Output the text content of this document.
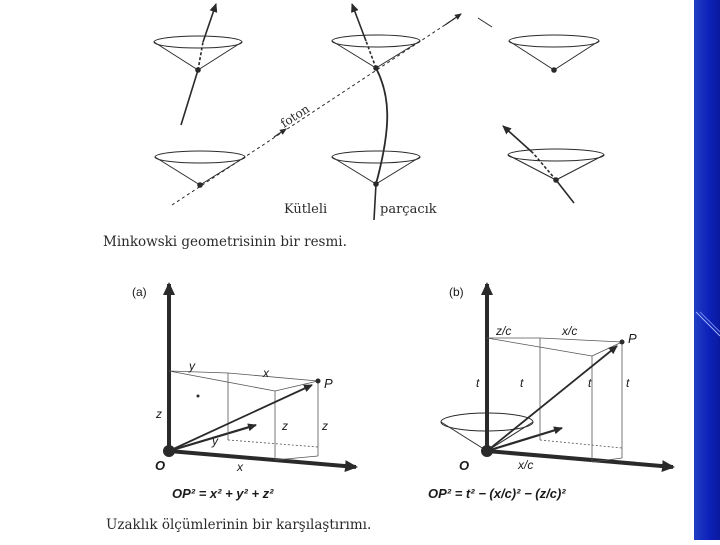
foton
Kütleli	parçacık
Minkowski geometrisinin bir resmi.
(a)
y	x
z
y
z	z
x
O
P
OP² = x² + y² + z²
(b)
z/c	x/c
t	t	t	t
x/c
O
P
OP² = t² − (x/c)² − (z/c)²
Uzaklık ölçümlerinin bir karşılaştırımı.
